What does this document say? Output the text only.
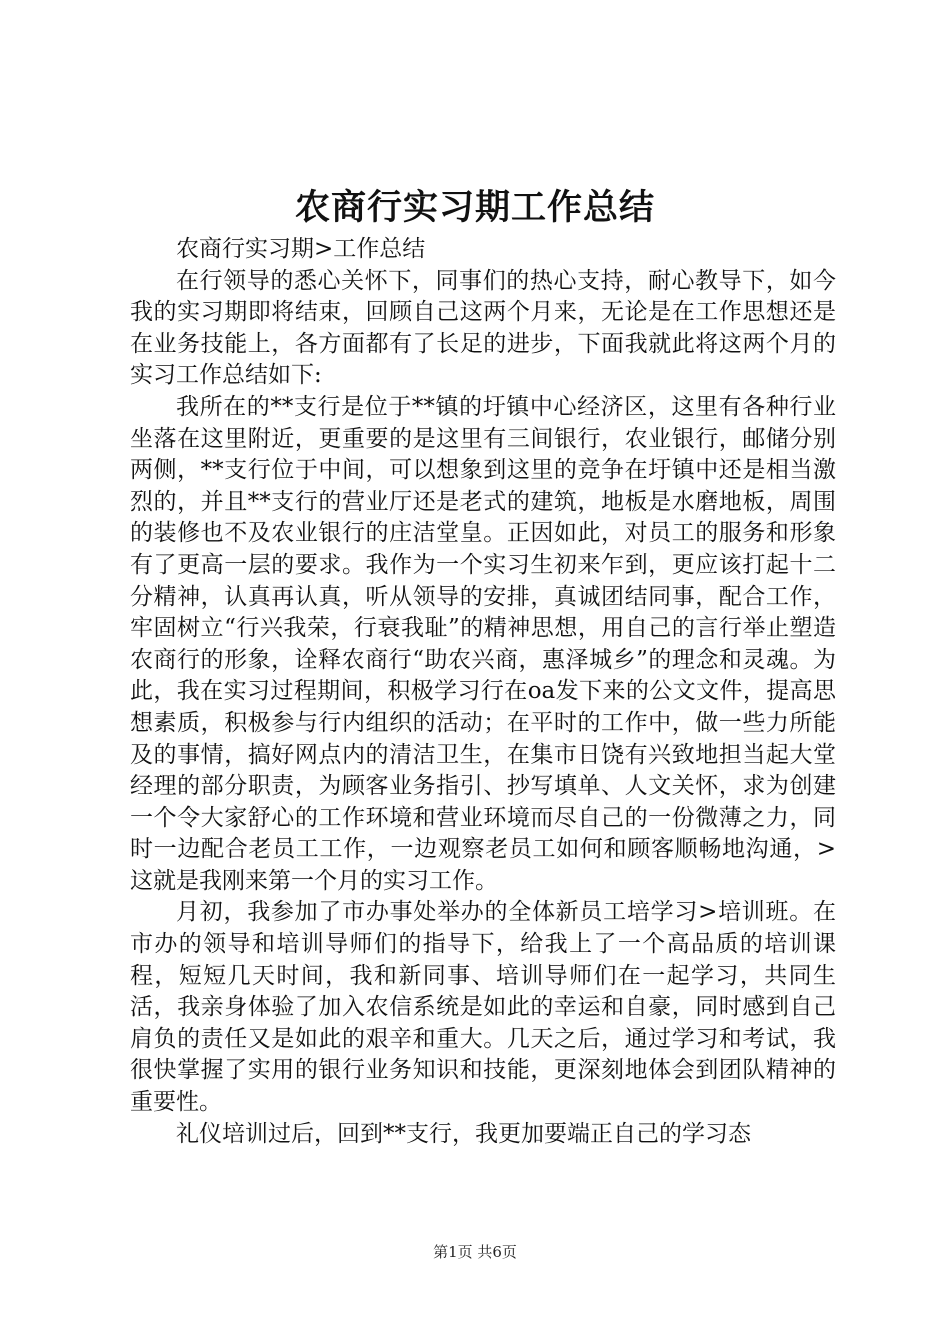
农商行实习期工作总结

农商行实习期>工作总结

在行领导的悉心关怀下，同事们的热心支持，耐心教导下，如今我的实习期即将结束，回顾自己这两个月来，无论是在工作思想还是在业务技能上，各方面都有了长足的进步，下面我就此将这两个月的实习工作总结如下:

我所在的**支行是位于**镇的圩镇中心经济区，这里有各种行业坐落在这里附近，更重要的是这里有三间银行，农业银行，邮储分别两侧，**支行位于中间，可以想象到这里的竞争在圩镇中还是相当激烈的，并且**支行的营业厅还是老式的建筑，地板是水磨地板，周围的装修也不及农业银行的庄洁堂皇。正因如此，对员工的服务和形象有了更高一层的要求。我作为一个实习生初来乍到，更应该打起十二分精神，认真再认真，听从领导的安排，真诚团结同事，配合工作，牢固树立“行兴我荣，行衰我耻”的精神思想，用自己的言行举止塑造农商行的形象，诠释农商行“助农兴商，惠泽城乡”的理念和灵魂。为此，我在实习过程期间，积极学习行在oa发下来的公文文件，提高思想素质，积极参与行内组织的活动；在平时的工作中，做一些力所能及的事情，搞好网点内的清洁卫生，在集市日饶有兴致地担当起大堂经理的部分职责，为顾客业务指引、抄写填单、人文关怀，求为创建一个令大家舒心的工作环境和营业环境而尽自己的一份微薄之力，同时一边配合老员工工作，一边观察老员工如何和顾客顺畅地沟通，>这就是我刚来第一个月的实习工作。

月初，我参加了市办事处举办的全体新员工培学习>培训班。在市办的领导和培训导师们的指导下，给我上了一个高品质的培训课程，短短几天时间，我和新同事、培训导师们在一起学习，共同生活，我亲身体验了加入农信系统是如此的幸运和自豪，同时感到自己肩负的责任又是如此的艰辛和重大。几天之后，通过学习和考试，我很快掌握了实用的银行业务知识和技能，更深刻地体会到团队精神的重要性。

礼仪培训过后，回到**支行，我更加要端正自己的学习态

第1页 共6页
